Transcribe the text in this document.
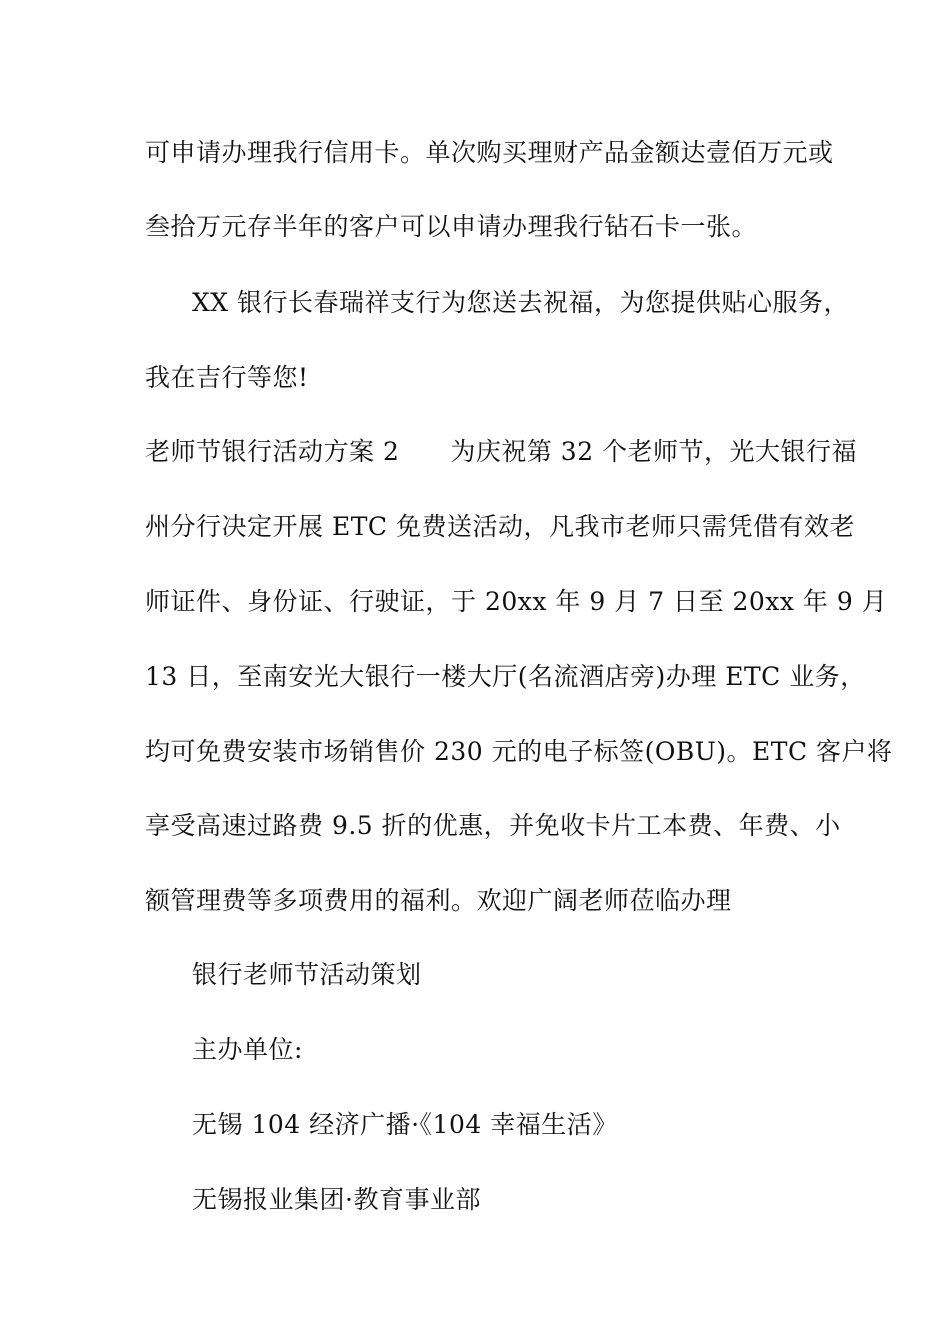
可申请办理我行信用卡。单次购买理财产品金额达壹佰万元或
叁拾万元存半年的客户可以申请办理我行钻石卡一张。
XX 银行长春瑞祥支行为您送去祝福，为您提供贴心服务，
我在吉行等您!
老师节银行活动方案 2　　为庆祝第 32 个老师节，光大银行福
州分行决定开展 ETC 免费送活动，凡我市老师只需凭借有效老
师证件、身份证、行驶证，于 20xx 年 9 月 7 日至 20xx 年 9 月
13 日，至南安光大银行一楼大厅(名流酒店旁)办理 ETC 业务，
均可免费安装市场销售价 230 元的电子标签(OBU)。ETC 客户将
享受高速过路费 9.5 折的优惠，并免收卡片工本费、年费、小
额管理费等多项费用的福利。欢迎广阔老师莅临办理
银行老师节活动策划
主办单位:
无锡 104 经济广播·《104 幸福生活》
无锡报业集团·教育事业部
